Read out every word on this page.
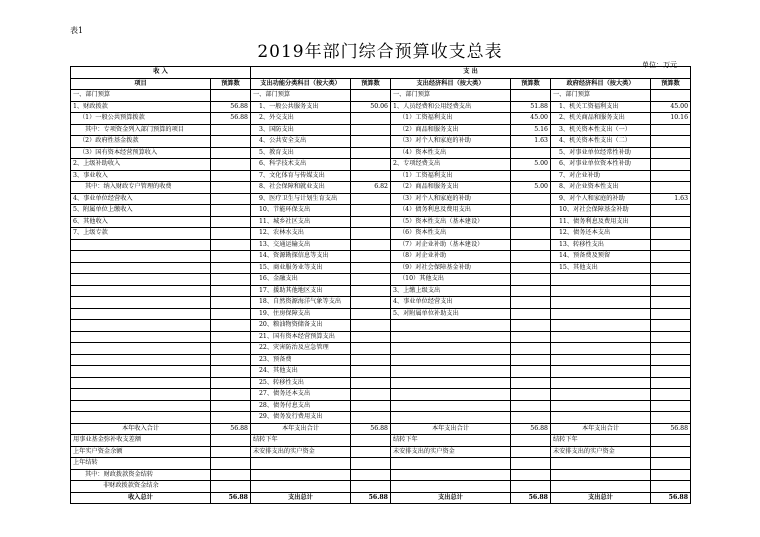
表1
2019年部门综合预算收支总表
单位：万元
收 入		支 出					
项目	预算数	支出功能分类科目（按大类）	预算数	支出经济科目（按大类）	预算数	政府经济科目（按大类）	预算数
一、部门预算		一、部门预算		一、部门预算		一、部门预算	
1、财政拨款	56.88	1、一般公共服务支出	50.06	1、人员经费和公用经费支出	51.88	1、机关工资福利支出	45.00
（1）一般公共预算拨款	56.88	2、外交支出		（1）工资福利支出	45.00	2、机关商品和服务支出	10.16
其中：专项资金列入部门预算的项目		3、国防支出		（2）商品和服务支出	5.16	3、机关资本性支出（一）	
（2）政府性基金拨款		4、公共安全支出		（3）对个人和家庭的补助	1.63	4、机关资本性支出（二）	
（3）国有资本经营预算收入		5、教育支出		（4）资本性支出		5、对事业单位经常性补助	
2、上级补助收入		6、科学技术支出		2、专项经费支出	5.00	6、对事业单位资本性补助	
3、事业收入		7、文化体育与传媒支出		（1）工资福利支出		7、对企业补助	
其中：纳入财政专户管理的收费		8、社会保障和就业支出	6.82	（2）商品和服务支出	5.00	8、对企业资本性支出	
4、事业单位经营收入		9、医疗卫生与计划生育支出		（3）对个人和家庭的补助		9、对个人和家庭的补助	1.63
5、附属单位上缴收入		10、节能环保支出		（4）债务利息及费用支出		10、对社会保障基金补助	
6、其他收入		11、城乡社区支出		（5）资本性支出（基本建设）		11、债务利息及费用支出	
7、上级专款		12、农林水支出		（6）资本性支出		12、债务还本支出	
		13、交通运输支出		（7）对企业补助（基本建设）		13、转移性支出	
		14、资源勘探信息等支出		（8）对企业补助		14、预备费及预留	
		15、商业服务业等支出		（9）对社会保障基金补助		15、其他支出	
		16、金融支出		（10）其他支出			
		17、援助其他地区支出		3、上缴上级支出			
		18、自然资源海洋气象等支出		4、事业单位经营支出			
		19、住房保障支出		5、对附属单位补助支出			
		20、粮油物资储备支出					
		21、国有资本经营预算支出					
		22、灾害防治及应急管理					
		23、预备费					
		24、其他支出					
		25、转移性支出					
		27、债务还本支出					
		28、债务付息支出					
		29、债务发行费用支出					
本年收入合计	56.88	本年支出合计	56.88	本年支出合计	56.88	本年支出合计	56.88
用事业基金弥补收支差额		结转下年		结转下年		结转下年	
上年实户资金余额		未安排支出的实户资金		未安排支出的实户资金		未安排支出的实户资金	
上年结转							
其中：财政拨款资金结转							
非财政拨款资金结余							
收入总计	56.88	支出总计	56.88	支出总计	56.88	支出总计	56.88
